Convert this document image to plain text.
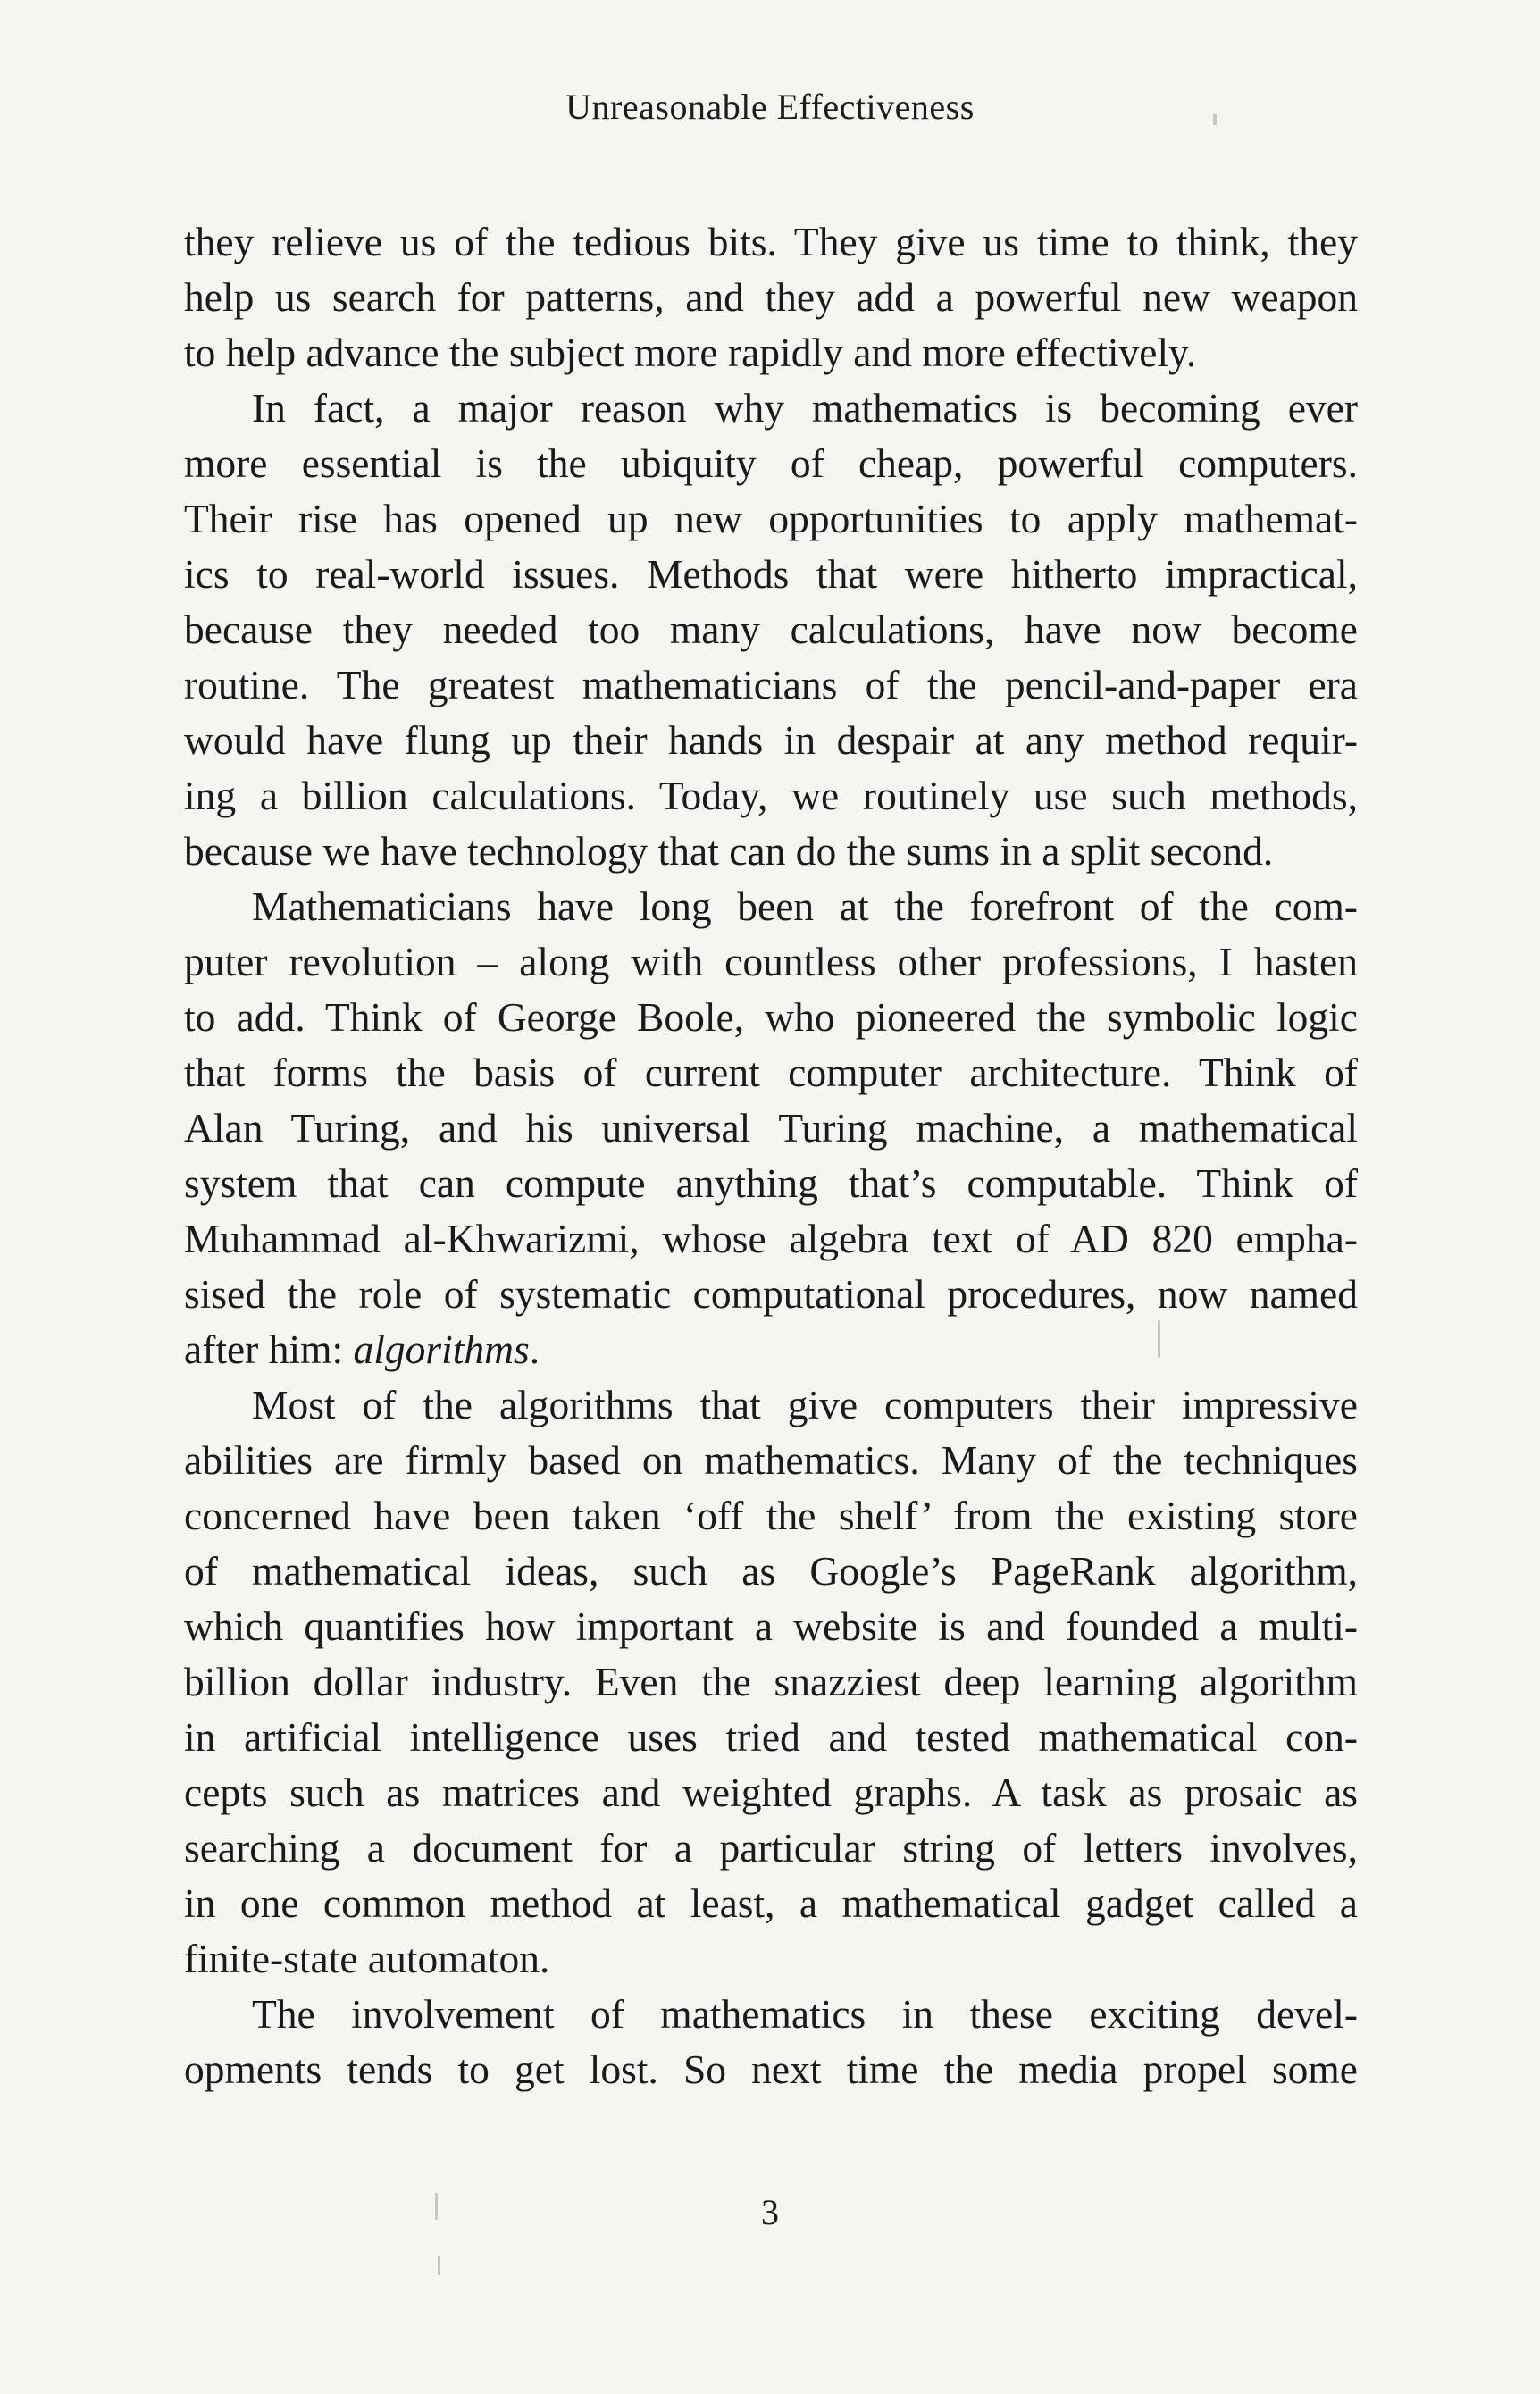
Unreasonable Effectiveness
they relieve us of the tedious bits. They give us time to think, they
help us search for patterns, and they add a powerful new weapon
to help advance the subject more rapidly and more effectively.
In fact, a major reason why mathematics is becoming ever
more essential is the ubiquity of cheap, powerful computers.
Their rise has opened up new opportunities to apply mathemat-
ics to real-world issues. Methods that were hitherto impractical,
because they needed too many calculations, have now become
routine. The greatest mathematicians of the pencil-and-paper era
would have flung up their hands in despair at any method requir-
ing a billion calculations. Today, we routinely use such methods,
because we have technology that can do the sums in a split second.
Mathematicians have long been at the forefront of the com-
puter revolution – along with countless other professions, I hasten
to add. Think of George Boole, who pioneered the symbolic logic
that forms the basis of current computer architecture. Think of
Alan Turing, and his universal Turing machine, a mathematical
system that can compute anything that’s computable. Think of
Muhammad al-Khwarizmi, whose algebra text of AD 820 empha-
sised the role of systematic computational procedures, now named
after him: algorithms.
Most of the algorithms that give computers their impressive
abilities are firmly based on mathematics. Many of the techniques
concerned have been taken ‘off the shelf’ from the existing store
of mathematical ideas, such as Google’s PageRank algorithm,
which quantifies how important a website is and founded a multi-
billion dollar industry. Even the snazziest deep learning algorithm
in artificial intelligence uses tried and tested mathematical con-
cepts such as matrices and weighted graphs. A task as prosaic as
searching a document for a particular string of letters involves,
in one common method at least, a mathematical gadget called a
finite-state automaton.
The involvement of mathematics in these exciting devel-
opments tends to get lost. So next time the media propel some
3
